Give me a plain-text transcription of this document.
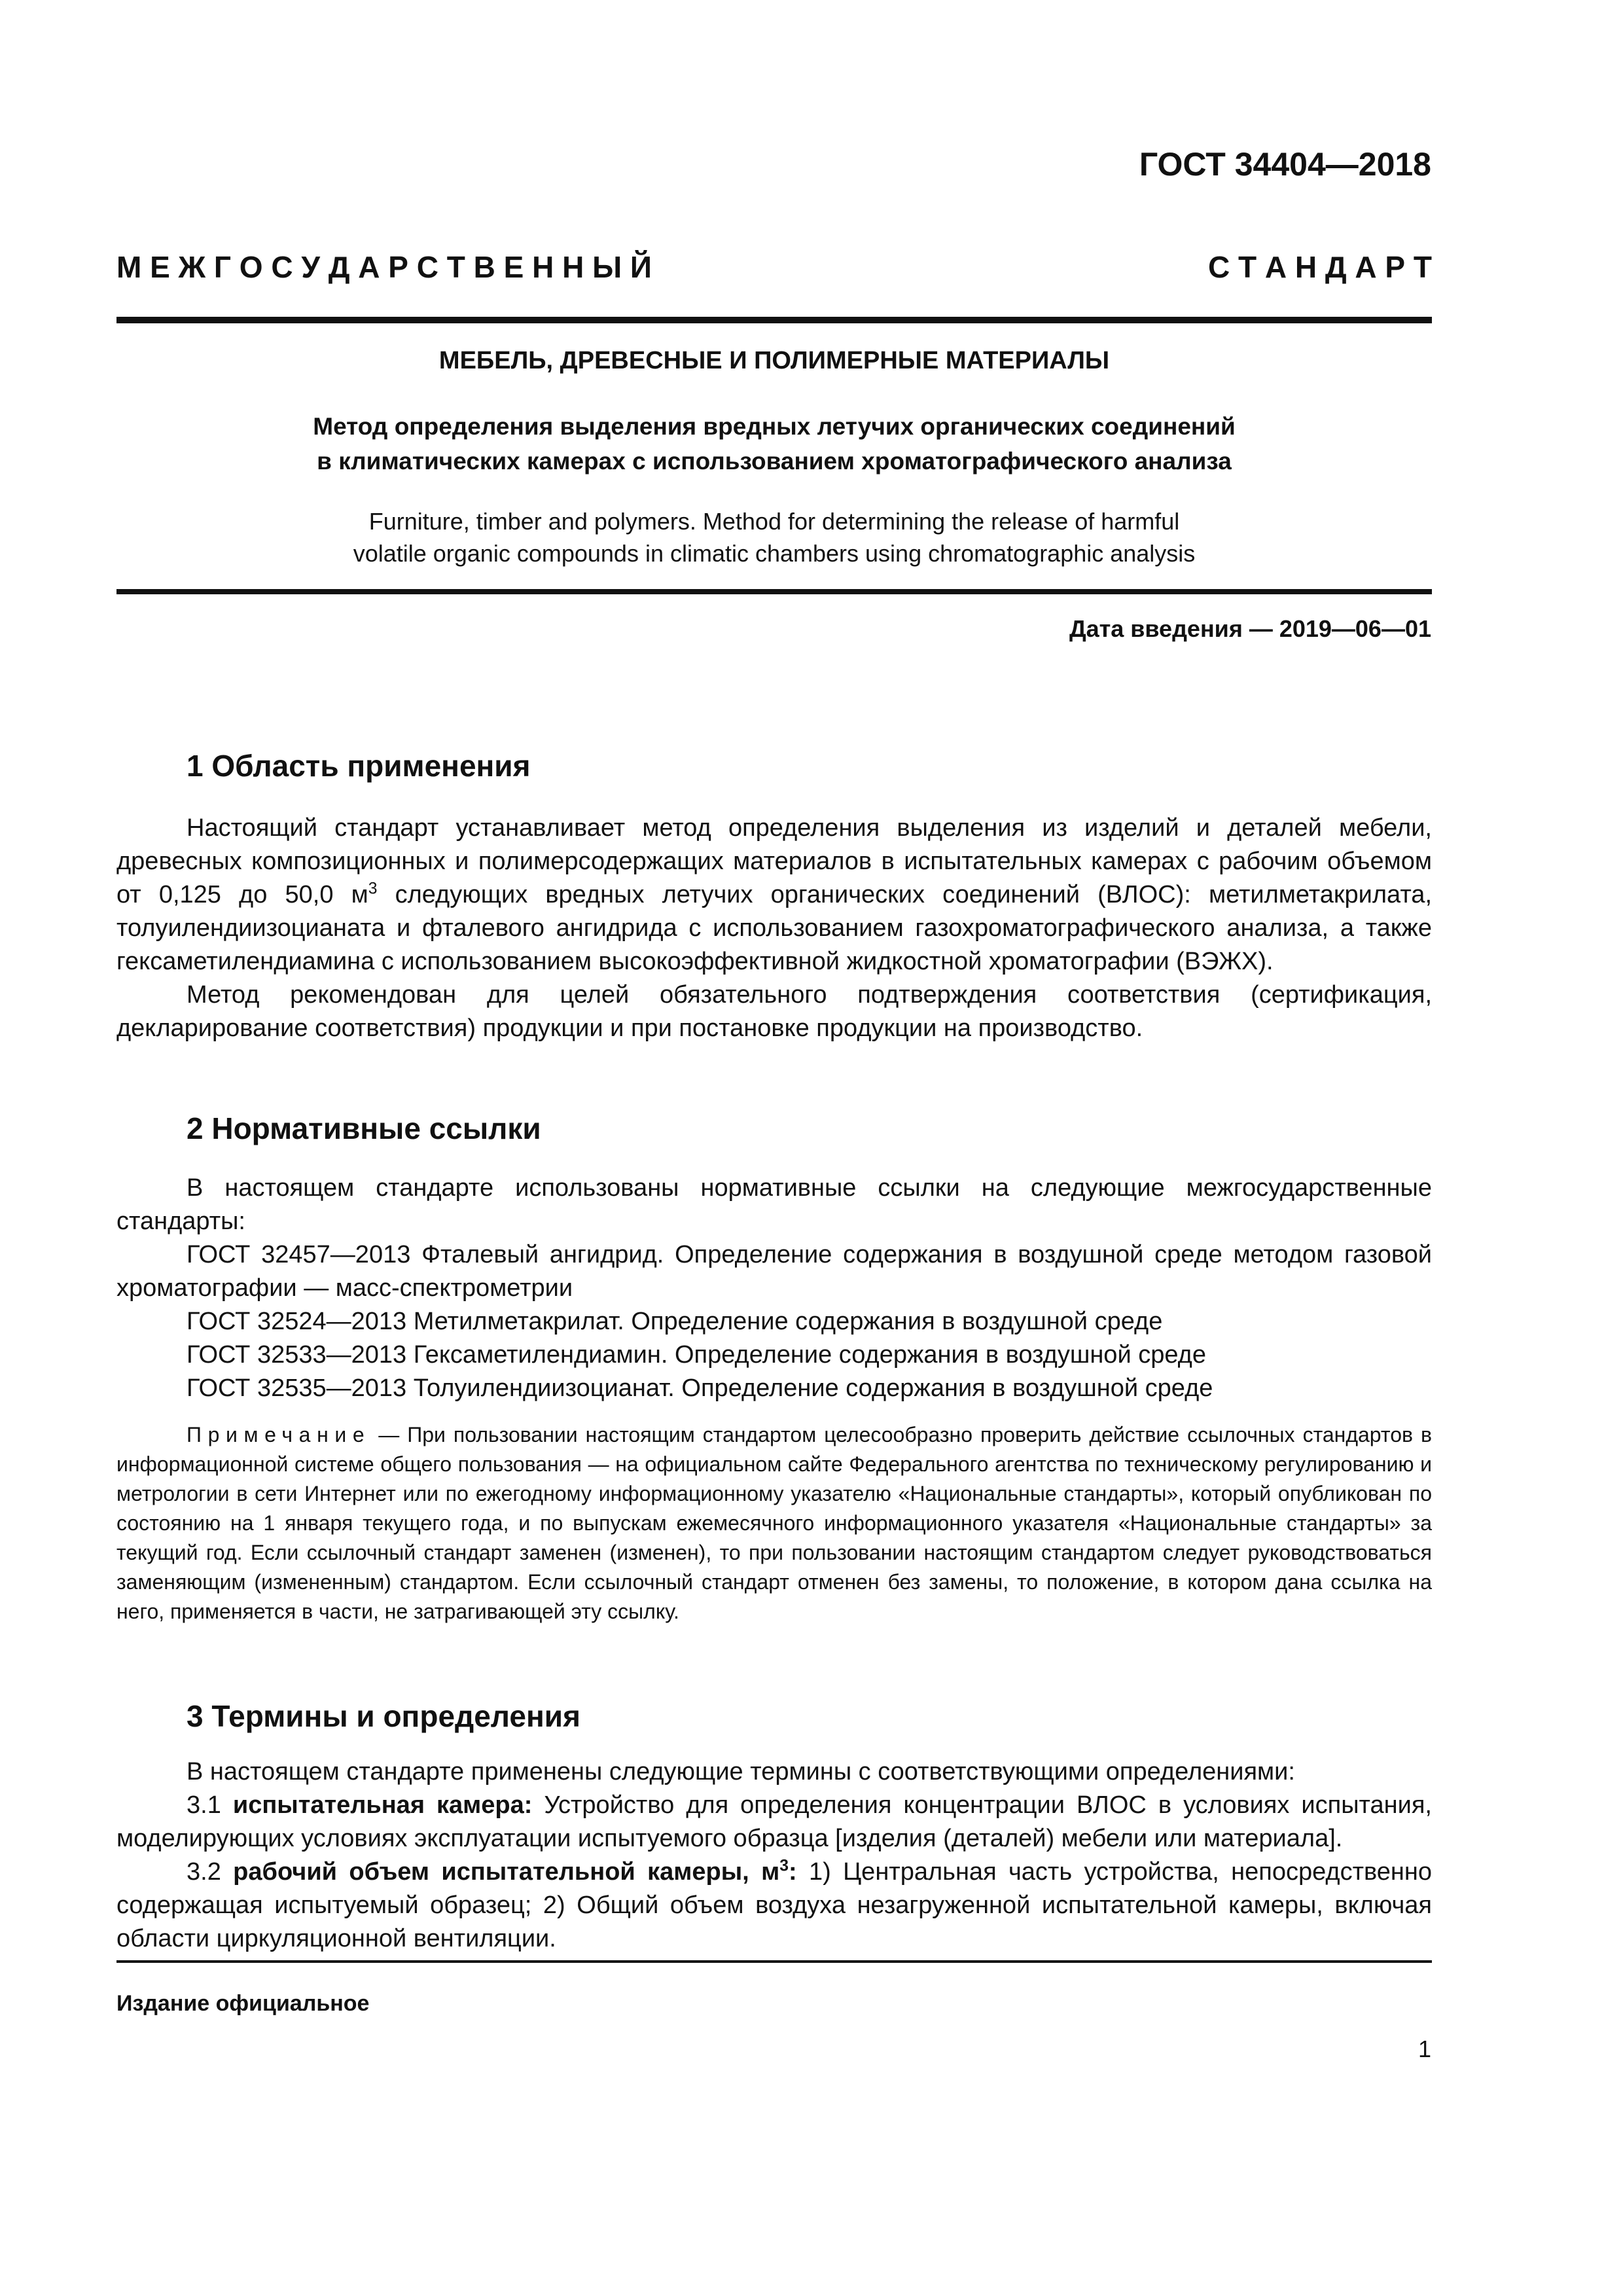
ГОСТ 34404—2018
М Е Ж Г О С У Д А Р С Т В Е Н Н Ы Й	С Т А Н Д А Р Т
МЕБЕЛЬ, ДРЕВЕСНЫЕ И ПОЛИМЕРНЫЕ МАТЕРИАЛЫ
Метод определения выделения вредных летучих органических соединений
в климатических камерах с использованием хроматографического анализа
Furniture, timber and polymers. Method for determining the release of harmful
volatile organic compounds in climatic chambers using chromatographic analysis
Дата введения — 2019—06—01
1 Область применения

Настоящий стандарт устанавливает метод определения выделения из изделий и деталей мебели, древесных композиционных и полимерсодержащих материалов в испытательных камерах с рабочим объемом от 0,125 до 50,0 $м^3$ следующих вредных летучих органических соединений (ВЛОС): метилметакрилата, толуилендиизоцианата и фталевого ангидрида с использованием газохроматографического анализа, а также гексаметилендиамина с использованием высокоэффективной жидкостной хроматографии (ВЭЖХ).

Метод рекомендован для целей обязательного подтверждения соответствия (сертификация, декларирование соответствия) продукции и при постановке продукции на производство.

2 Нормативные ссылки

В настоящем стандарте использованы нормативные ссылки на следующие межгосударственные стандарты:

ГОСТ 32457—2013 Фталевый ангидрид. Определение содержания в воздушной среде методом газовой хроматографии — масс-спектрометрии

ГОСТ 32524—2013 Метилметакрилат. Определение содержания в воздушной среде

ГОСТ 32533—2013 Гексаметилендиамин. Определение содержания в воздушной среде

ГОСТ 32535—2013 Толуилендиизоцианат. Определение содержания в воздушной среде

Примечание — При пользовании настоящим стандартом целесообразно проверить действие ссылочных стандартов в информационной системе общего пользования — на официальном сайте Федерального агентства по техническому регулированию и метрологии в сети Интернет или по ежегодному информационному указателю «Национальные стандарты», который опубликован по состоянию на 1 января текущего года, и по выпускам ежемесячного информационного указателя «Национальные стандарты» за текущий год. Если ссылочный стандарт заменен (изменен), то при пользовании настоящим стандартом следует руководствоваться заменяющим (измененным) стандартом. Если ссылочный стандарт отменен без замены, то положение, в котором дана ссылка на него, применяется в части, не затрагивающей эту ссылку.

3 Термины и определения

В настоящем стандарте применены следующие термины с соответствующими определениями:

3.1 испытательная камера: Устройство для определения концентрации ВЛОС в условиях испытания, моделирующих условиях эксплуатации испытуемого образца [изделия (деталей) мебели или материала].

3.2 рабочий объем испытательной камеры, $м^3$: 1) Центральная часть устройства, непосредственно содержащая испытуемый образец; 2) Общий объем воздуха незагруженной испытательной камеры, включая области циркуляционной вентиляции.

Издание официальное
1
